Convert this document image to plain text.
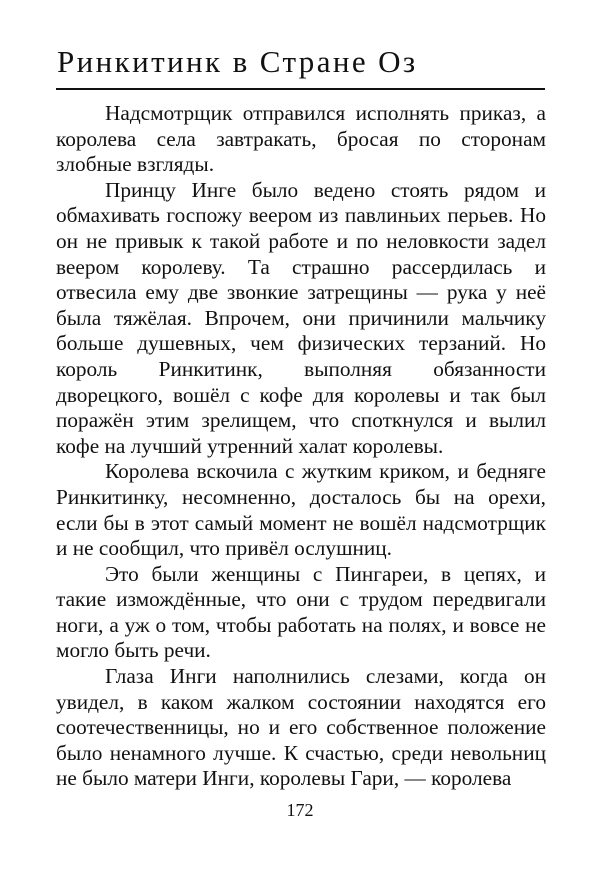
Ринкитинк в Стране Оз

Надсмотрщик отправился исполнять приказ, а королева села завтракать, бросая по сторонам злобные взгляды.

Принцу Инге было ведено стоять рядом и обмахивать госпожу веером из павлиньих перьев. Но он не привык к такой работе и по неловкости задел веером королеву. Та страшно рассердилась и отвесила ему две звонкие затрещины — рука у неё была тяжёлая. Впрочем, они причинили мальчику больше душевных, чем физических терзаний. Но король Ринкитинк, выполняя обязанности дворецкого, вошёл с кофе для королевы и так был поражён этим зрелищем, что споткнулся и вылил кофе на лучший утренний халат королевы.

Королева вскочила с жутким криком, и бедняге Ринкитинку, несомненно, досталось бы на орехи, если бы в этот самый момент не вошёл надсмотрщик и не сообщил, что привёл ослушниц.

Это были женщины с Пингареи, в цепях, и такие измождённые, что они с трудом передвигали ноги, а уж о том, чтобы работать на полях, и вовсе не могло быть речи.

Глаза Инги наполнились слезами, когда он увидел, в каком жалком состоянии находятся его соотечественницы, но и его собственное положение было ненамного лучше. К счастью, среди невольниц не было матери Инги, королевы Гари, — королева

172
